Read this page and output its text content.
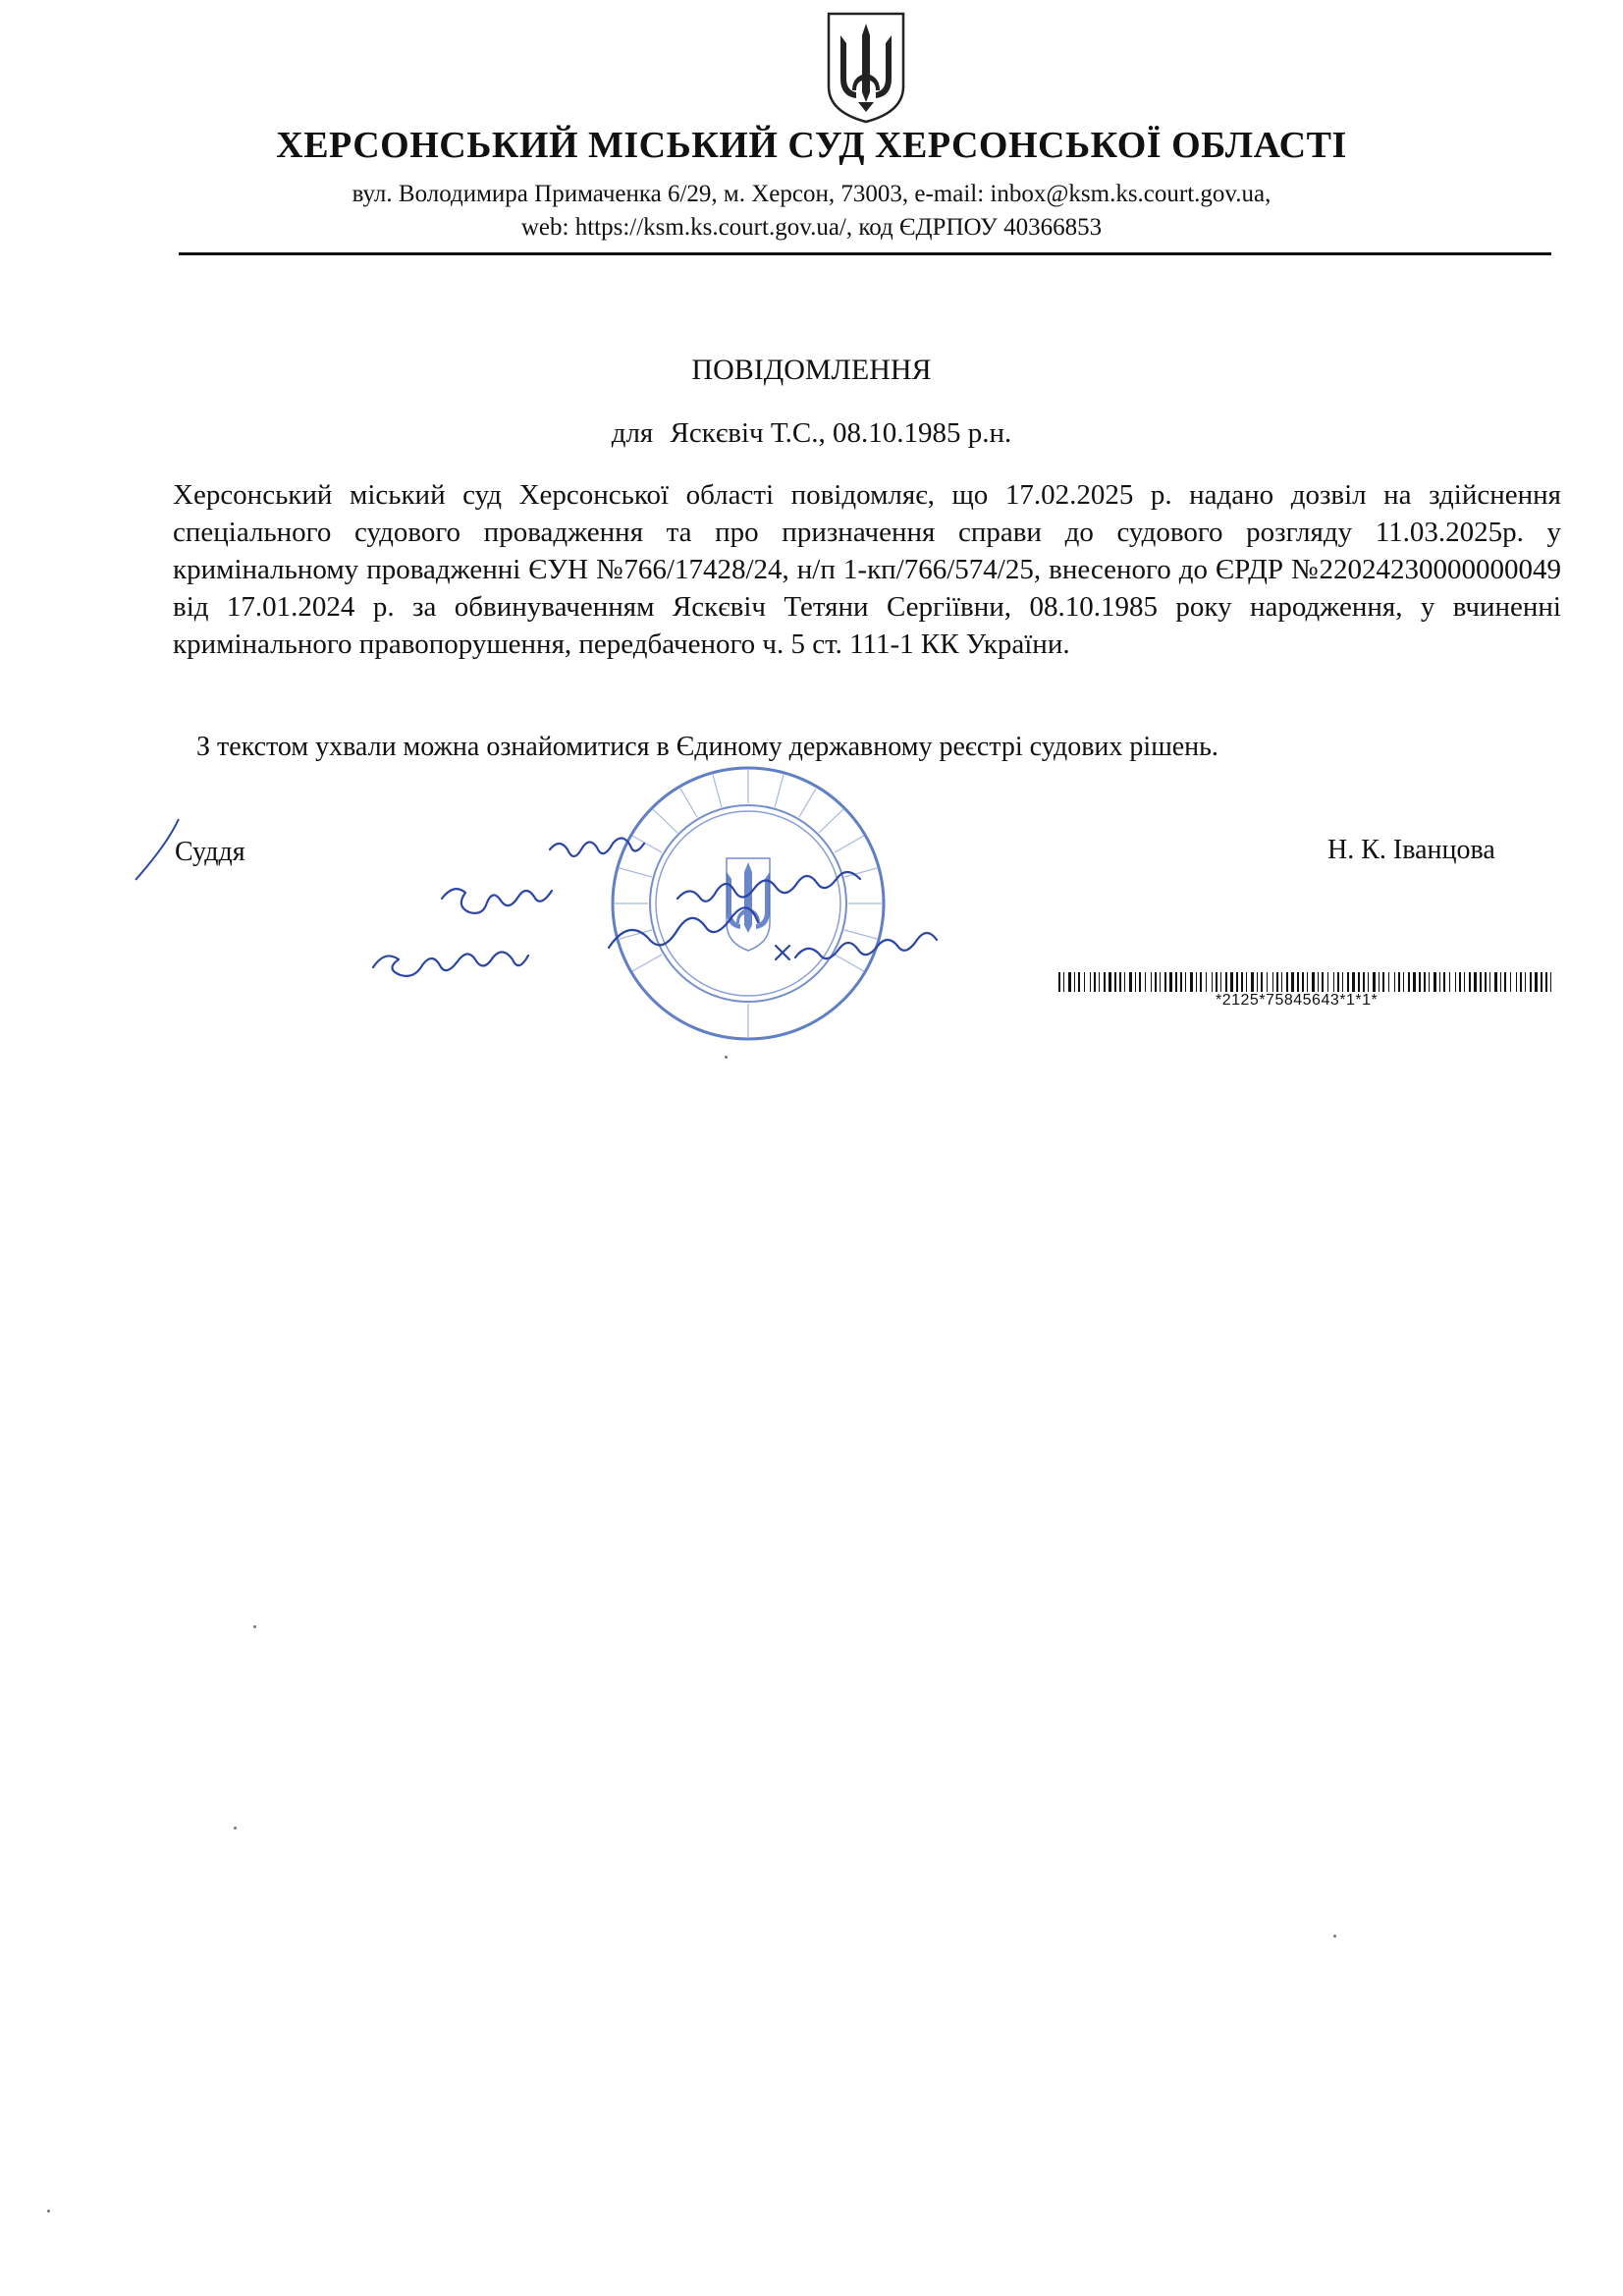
ХЕРСОНСЬКИЙ МІСЬКИЙ СУД ХЕРСОНСЬКОЇ ОБЛАСТІ
вул. Володимира Примаченка 6/29, м. Херсон, 73003, e-mail: inbox@ksm.ks.court.gov.ua,
web: https://ksm.ks.court.gov.ua/, код ЄДРПОУ 40366853
ПОВІДОМЛЕННЯ
для Яскєвіч Т.С., 08.10.1985 р.н.
Херсонський міський суд Херсонської області повідомляє, що 17.02.2025 р. надано дозвіл на здійснення спеціального судового провадження та про призначення справи до судового розгляду 11.03.2025р. у кримінальному провадженні ЄУН №766/17428/24, н/п 1-кп/766/574/25, внесеного до ЄРДР №22024230000000049 від 17.01.2024 р. за обвинуваченням Яскєвіч Тетяни Сергіївни, 08.10.1985 року народження, у вчиненні кримінального правопорушення, передбаченого ч. 5 ст. 111-1 КК України.
З текстом ухвали можна ознайомитися в Єдиному державному реєстрі судових рішень.
Суддя	Н. К. Іванцова
*2125*75845643*1*1*
